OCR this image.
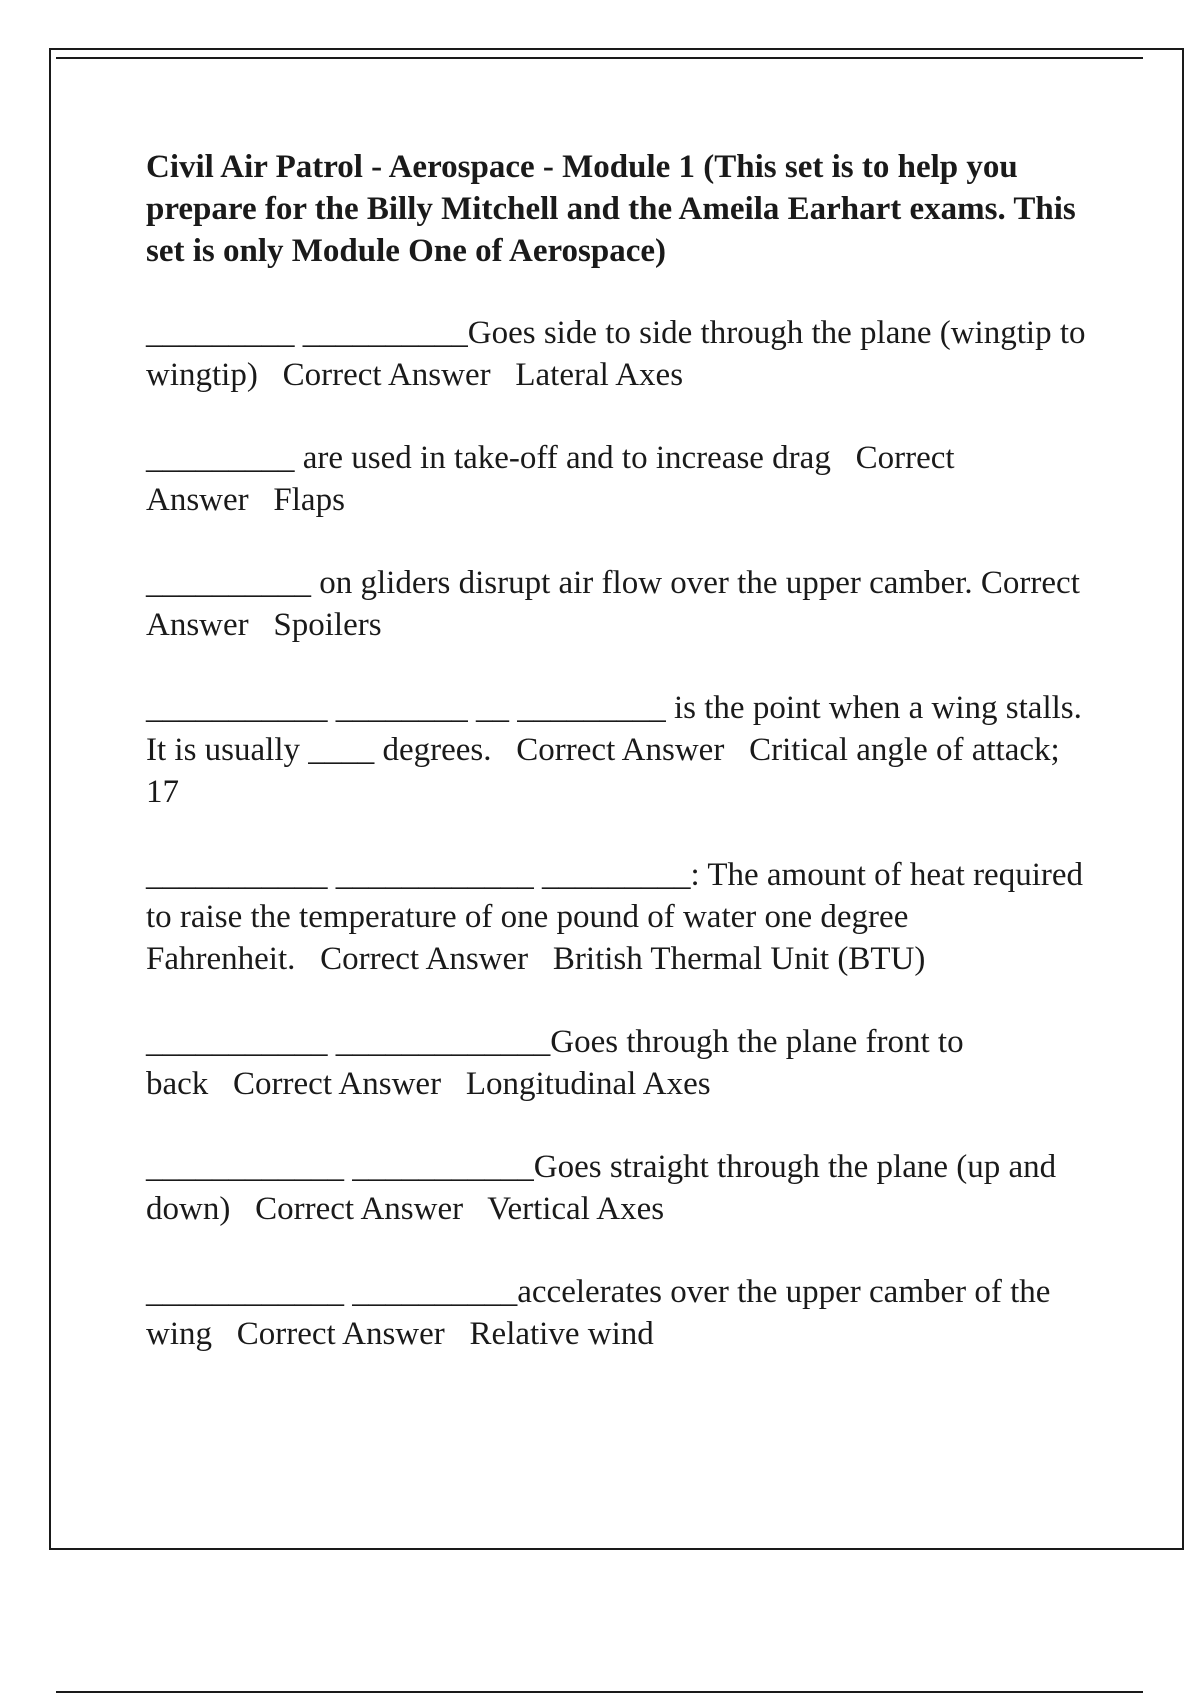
Civil Air Patrol - Aerospace - Module 1 (This set is to help you prepare for the Billy Mitchell and the Ameila Earhart exams. This set is only Module One of Aerospace)
_________ __________Goes side to side through the plane (wingtip to wingtip) Correct Answer Lateral Axes
_________ are used in take-off and to increase drag Correct Answer Flaps
__________ on gliders disrupt air flow over the upper camber. Correct Answer Spoilers
___________ ________ __ _________ is the point when a wing stalls. It is usually ____ degrees. Correct Answer Critical angle of attack; 17
___________ ____________ _________: The amount of heat required to raise the temperature of one pound of water one degree Fahrenheit. Correct Answer British Thermal Unit (BTU)
___________ _____________Goes through the plane front to back Correct Answer Longitudinal Axes
____________ ___________Goes straight through the plane (up and down) Correct Answer Vertical Axes
____________ __________accelerates over the upper camber of the wing Correct Answer Relative wind
